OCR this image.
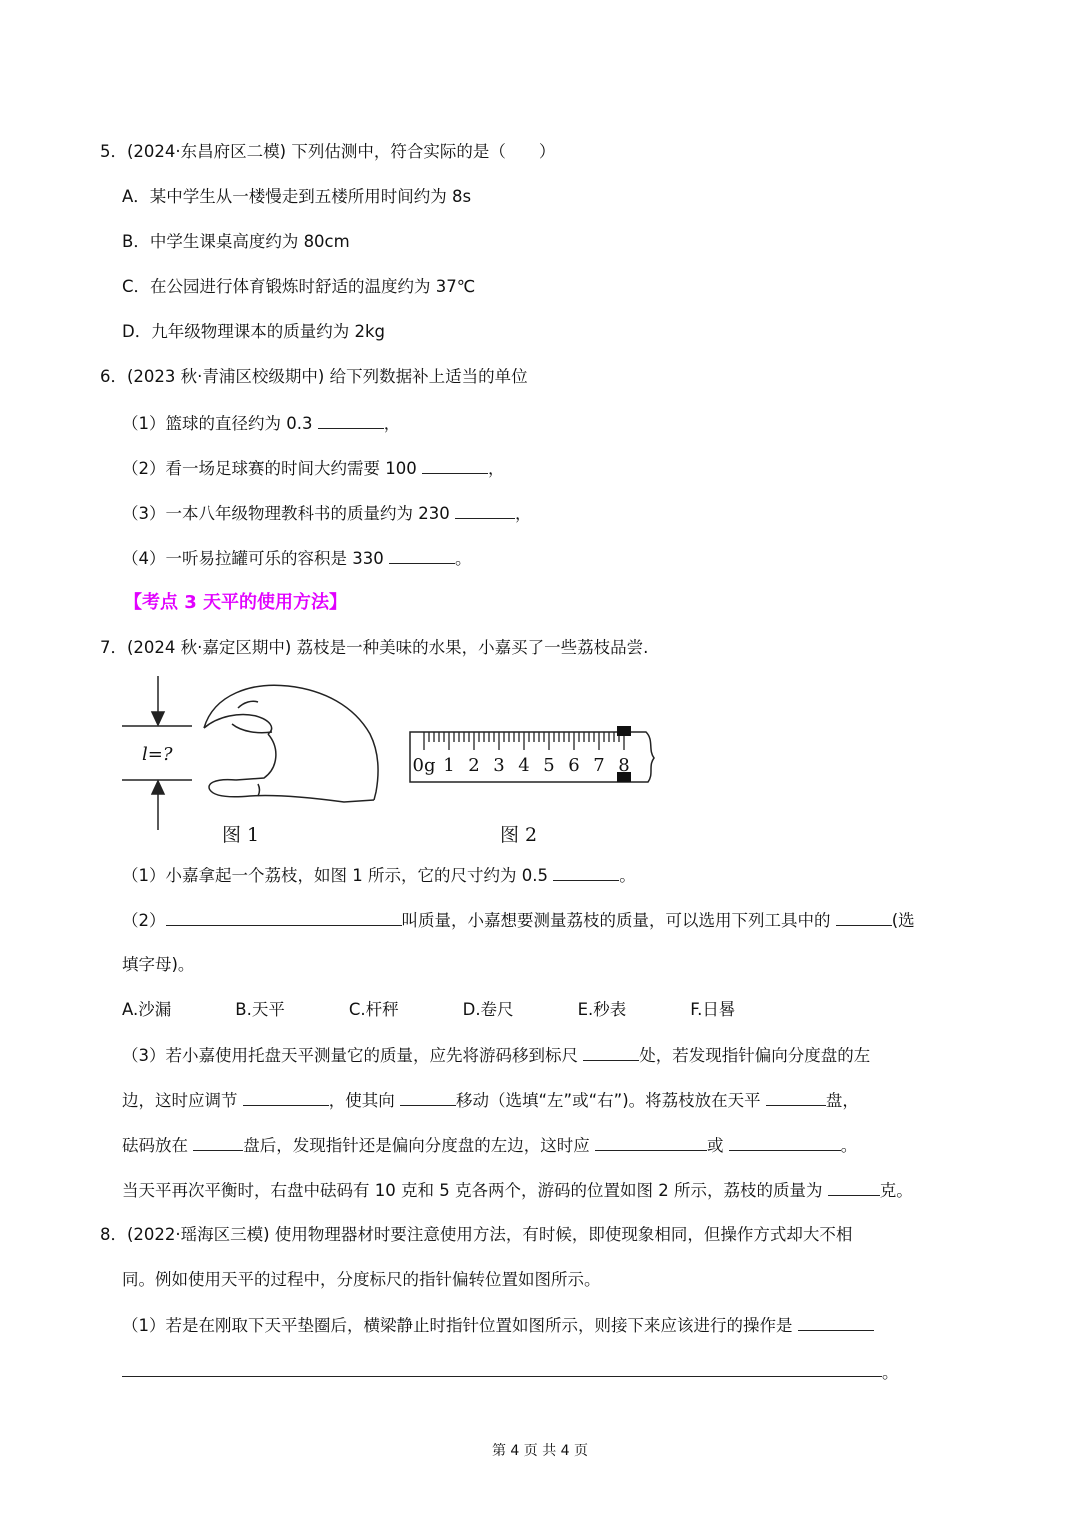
5．(2024·东昌府区二模) 下列估测中，符合实际的是（　　）
A．某中学生从一楼慢走到五楼所用时间约为 8s
B．中学生课桌高度约为 80cm
C．在公园进行体育锻炼时舒适的温度约为 37℃
D．九年级物理课本的质量约为 2kg
6．(2023 秋·青浦区校级期中) 给下列数据补上适当的单位
（1）篮球的直径约为 0.3	，
（2）看一场足球赛的时间大约需要 100	，
（3）一本八年级物理教科书的质量约为 230	，
（4）一听易拉罐可乐的容积是 330	。
【考点 3 天平的使用方法】
7．(2024 秋·嘉定区期中) 荔枝是一种美味的水果，小嘉买了一些荔枝品尝.
l=?
图 1
0g 1 2 3 4 5 6 7 8
图 2
（1）小嘉拿起一个荔枝，如图 1 所示，它的尺寸约为 0.5	。
（2）	叫质量，小嘉想要测量荔枝的质量，可以选用下列工具中的	(选
填字母)。
A.沙漏	B.天平	C.杆秤	D.卷尺	E.秒表	F.日晷
（3）若小嘉使用托盘天平测量它的质量，应先将游码移到标尺	处，若发现指针偏向分度盘的左
边，这时应调节	，使其向	移动（选填“左”或“右”)。将荔枝放在天平	盘，
砝码放在	盘后，发现指针还是偏向分度盘的左边，这时应	或	。
当天平再次平衡时，右盘中砝码有 10 克和 5 克各两个，游码的位置如图 2 所示，荔枝的质量为	克。
8．(2022·瑶海区三模) 使用物理器材时要注意使用方法，有时候，即使现象相同，但操作方式却大不相
同。例如使用天平的过程中，分度标尺的指针偏转位置如图所示。
（1）若是在刚取下天平垫圈后，横梁静止时指针位置如图所示，则接下来应该进行的操作是
。
第 4 页 共 4 页
